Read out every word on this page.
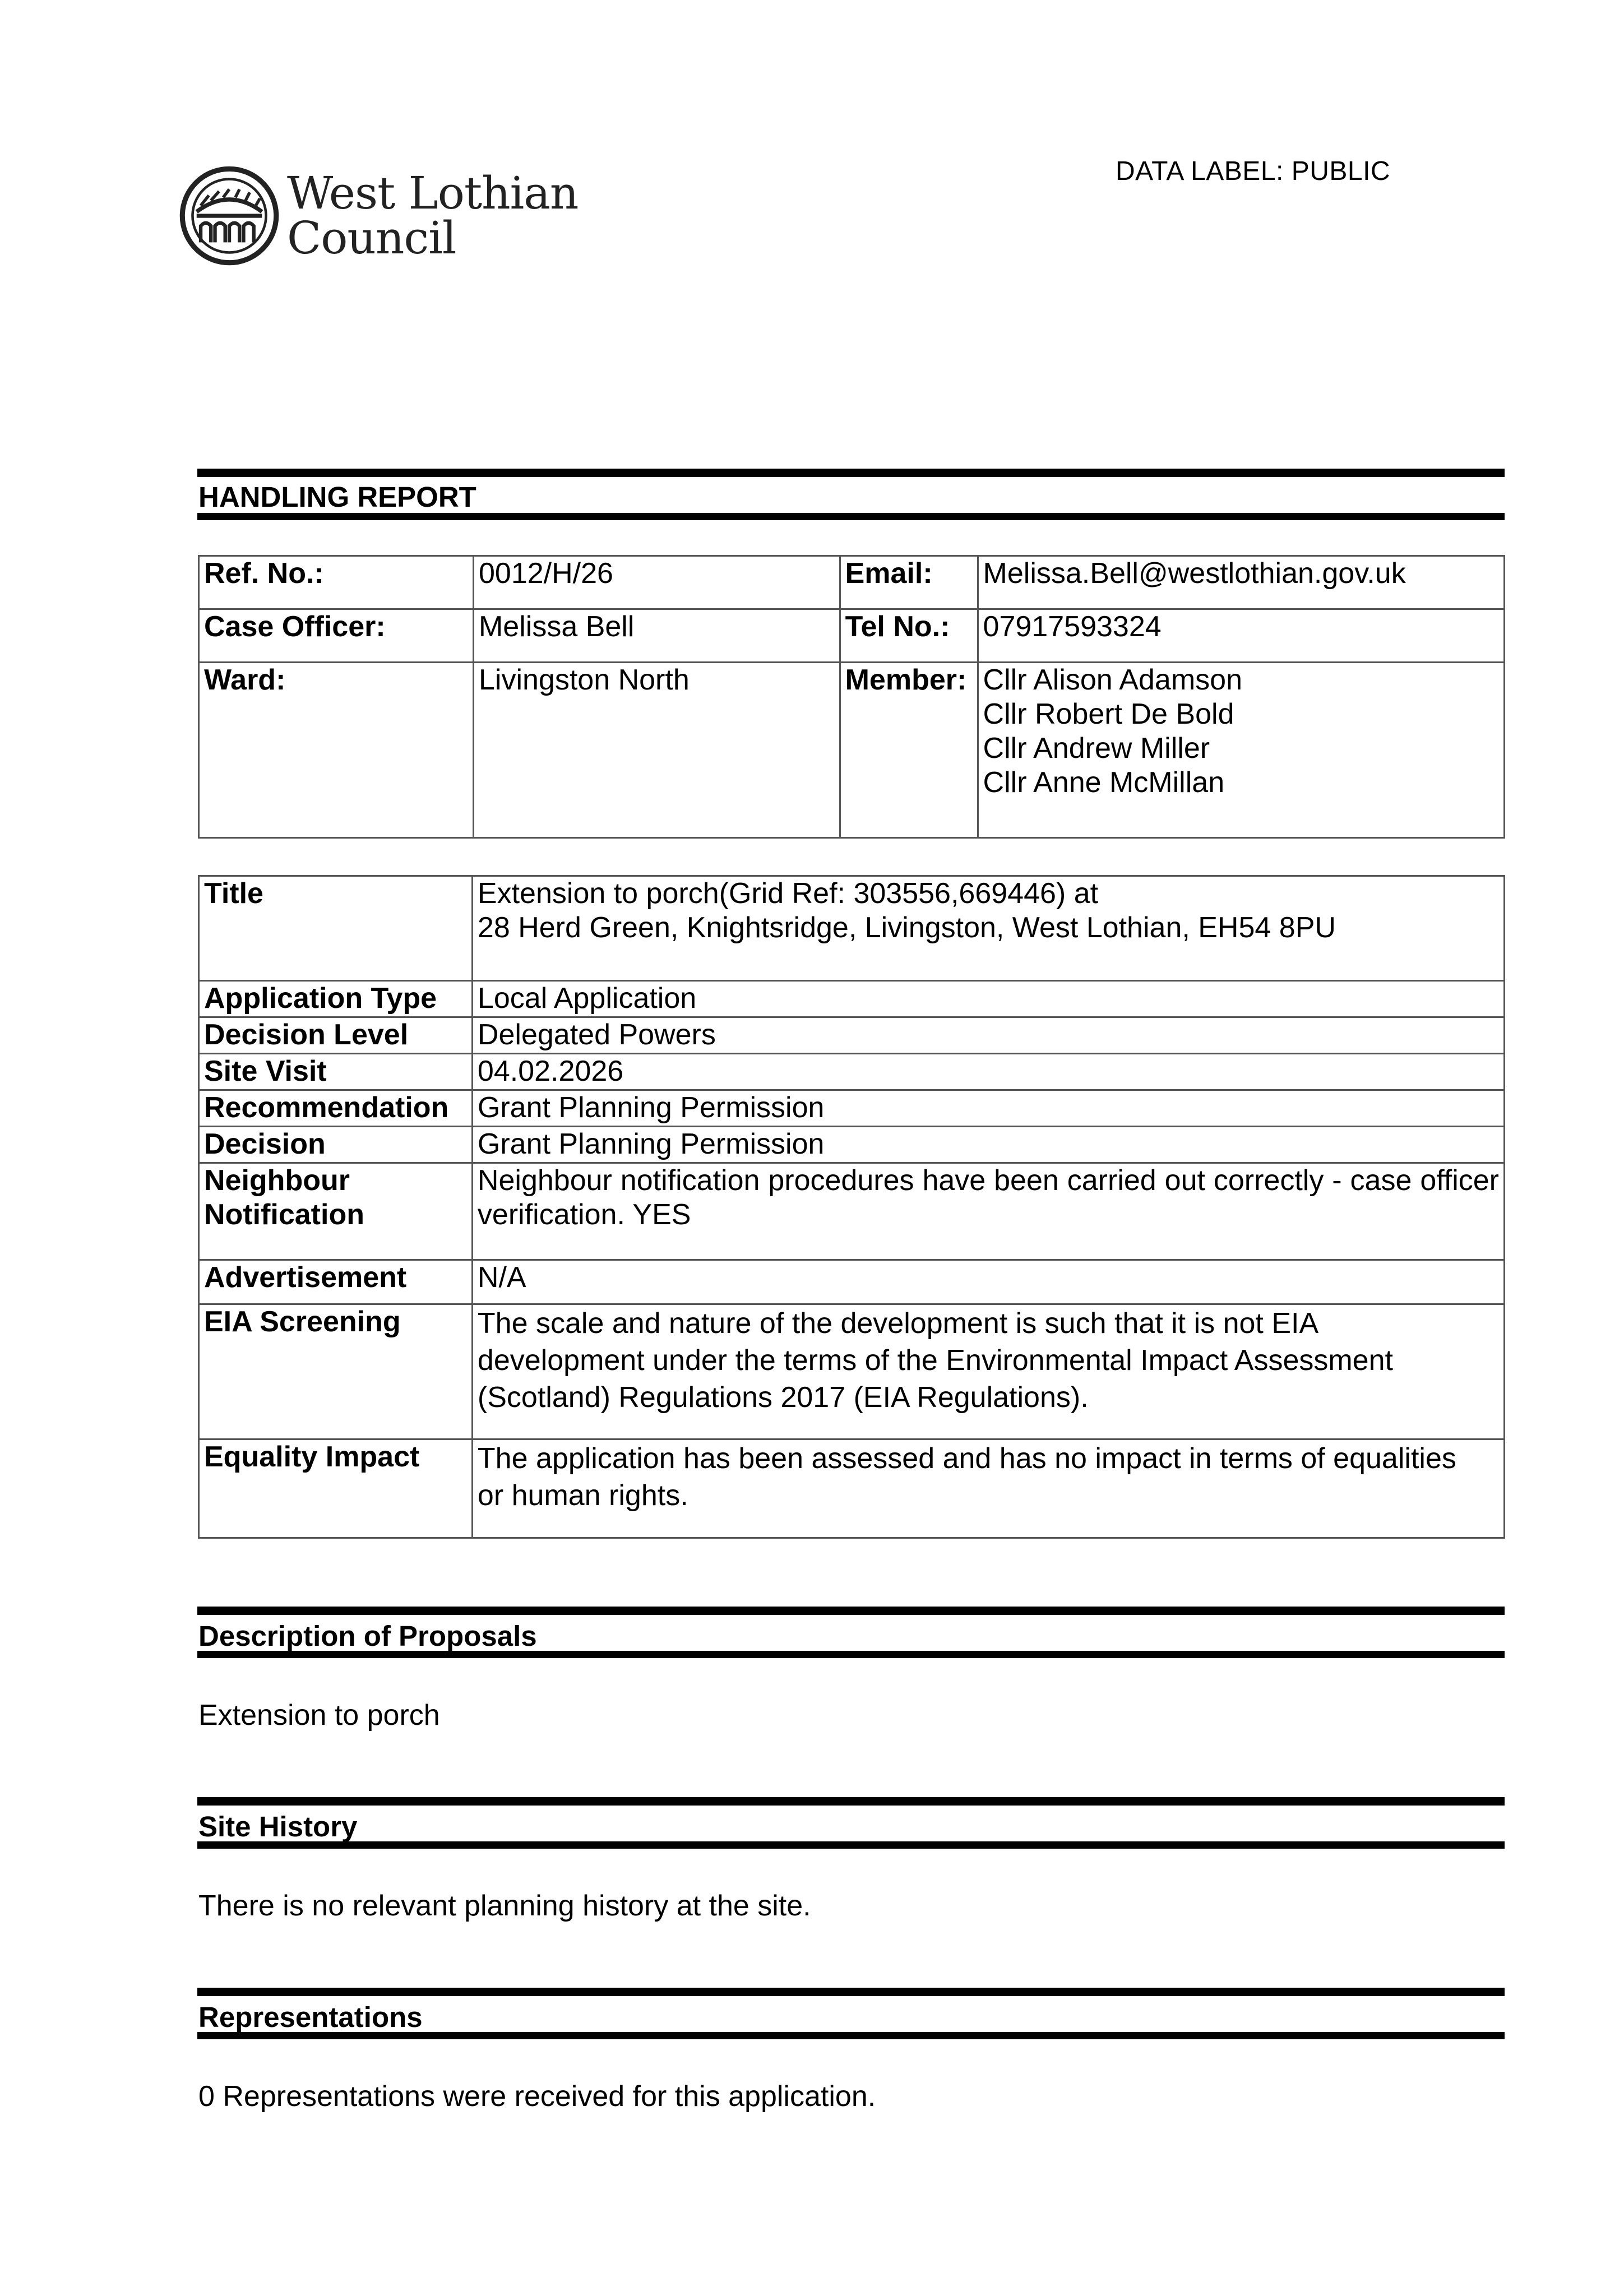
West Lothian
Council
DATA LABEL: PUBLIC
HANDLING REPORT
Ref. No.:	0012/H/26	Email:	Melissa.Bell@westlothian.gov.uk
Case Officer:	Melissa Bell	Tel No.:	07917593324
Ward:	Livingston North	Member:	Cllr Alison Adamson
Cllr Robert De Bold
Cllr Andrew Miller
Cllr Anne McMillan
Title	Extension to porch(Grid Ref: 303556,669446) at
28 Herd Green, Knightsridge, Livingston, West Lothian, EH54 8PU

Application Type	Local Application
Decision Level	Delegated Powers
Site Visit	04.02.2026
Recommendation	Grant Planning Permission
Decision	Grant Planning Permission

Neighbour
Notification	Neighbour notification procedures have been carried out correctly - case officer verification. YES
Advertisement	N/A
EIA Screening	The scale and nature of the development is such that it is not EIA
development under the terms of the Environmental Impact Assessment
(Scotland) Regulations 2017 (EIA Regulations).

Equality Impact	The application has been assessed and has no impact in terms of equalities
or human rights.
Description of Proposals
Extension to porch
Site History
There is no relevant planning history at the site.
Representations
0 Representations were received for this application.
